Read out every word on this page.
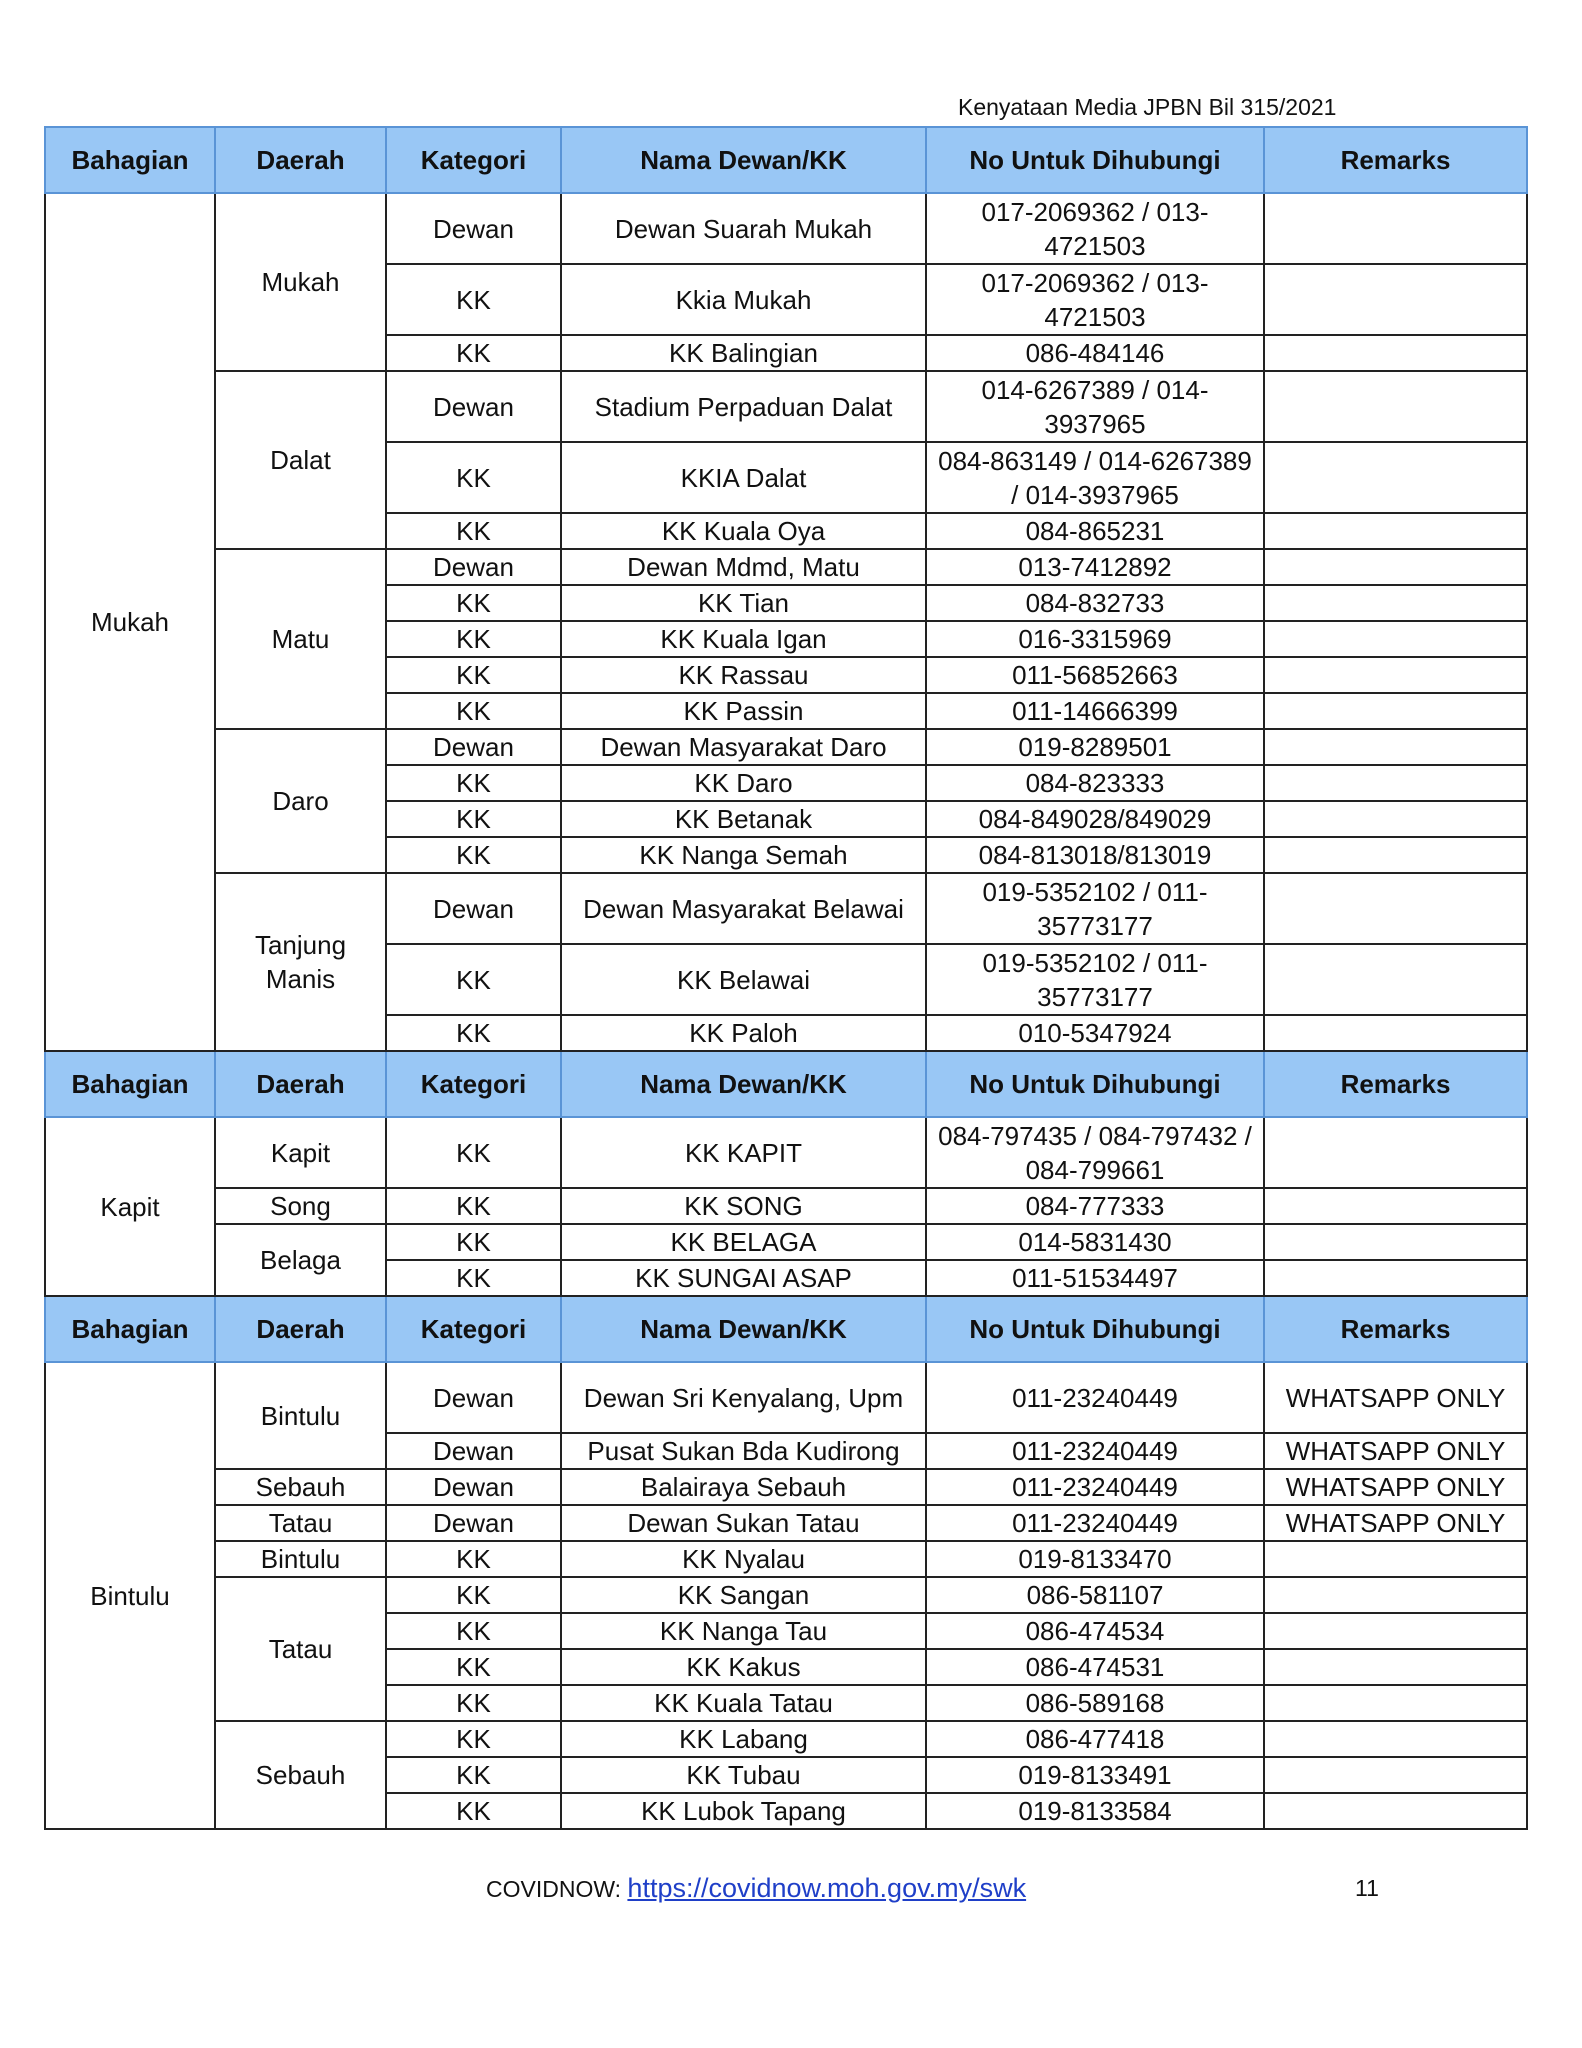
Kenyataan Media JPBN Bil 315/2021
Bahagian	Daerah	Kategori	Nama Dewan/KK	No Untuk Dihubungi	Remarks
Mukah	Mukah	Dewan	Dewan Suarah Mukah	017-2069362 / 013-4721503	
		KK	Kkia Mukah	017-2069362 / 013-4721503	
		KK	KK Balingian	086-484146	
	Dalat	Dewan	Stadium Perpaduan Dalat	014-6267389 / 014-3937965	
		KK	KKIA Dalat	084-863149 / 014-6267389 / 014-3937965	
		KK	KK Kuala Oya	084-865231	
	Matu	Dewan	Dewan Mdmd, Matu	013-7412892	
		KK	KK Tian	084-832733	
		KK	KK Kuala Igan	016-3315969	
		KK	KK Rassau	011-56852663	
		KK	KK Passin	011-14666399	
	Daro	Dewan	Dewan Masyarakat Daro	019-8289501	
		KK	KK Daro	084-823333	
		KK	KK Betanak	084-849028/849029	
		KK	KK Nanga Semah	084-813018/813019	
	Tanjung Manis	Dewan	Dewan Masyarakat Belawai	019-5352102 / 011-35773177	
		KK	KK Belawai	019-5352102 / 011-35773177	
		KK	KK Paloh	010-5347924	
Bahagian	Daerah	Kategori	Nama Dewan/KK	No Untuk Dihubungi	Remarks
Kapit	Kapit	KK	KK KAPIT	084-797435 / 084-797432 / 084-799661	
	Song	KK	KK SONG	084-777333	
	Belaga	KK	KK BELAGA	014-5831430	
		KK	KK SUNGAI ASAP	011-51534497	
Bahagian	Daerah	Kategori	Nama Dewan/KK	No Untuk Dihubungi	Remarks
Bintulu	Bintulu	Dewan	Dewan Sri Kenyalang, Upm	011-23240449	WHATSAPP ONLY
		Dewan	Pusat Sukan Bda Kudirong	011-23240449	WHATSAPP ONLY
	Sebauh	Dewan	Balairaya Sebauh	011-23240449	WHATSAPP ONLY
	Tatau	Dewan	Dewan Sukan Tatau	011-23240449	WHATSAPP ONLY
	Bintulu	KK	KK Nyalau	019-8133470	
	Tatau	KK	KK Sangan	086-581107	
		KK	KK Nanga Tau	086-474534	
		KK	KK Kakus	086-474531	
		KK	KK Kuala Tatau	086-589168	
	Sebauh	KK	KK Labang	086-477418	
		KK	KK Tubau	019-8133491	
		KK	KK Lubok Tapang	019-8133584	
COVIDNOW: https://covidnow.moh.gov.my/swk	11
